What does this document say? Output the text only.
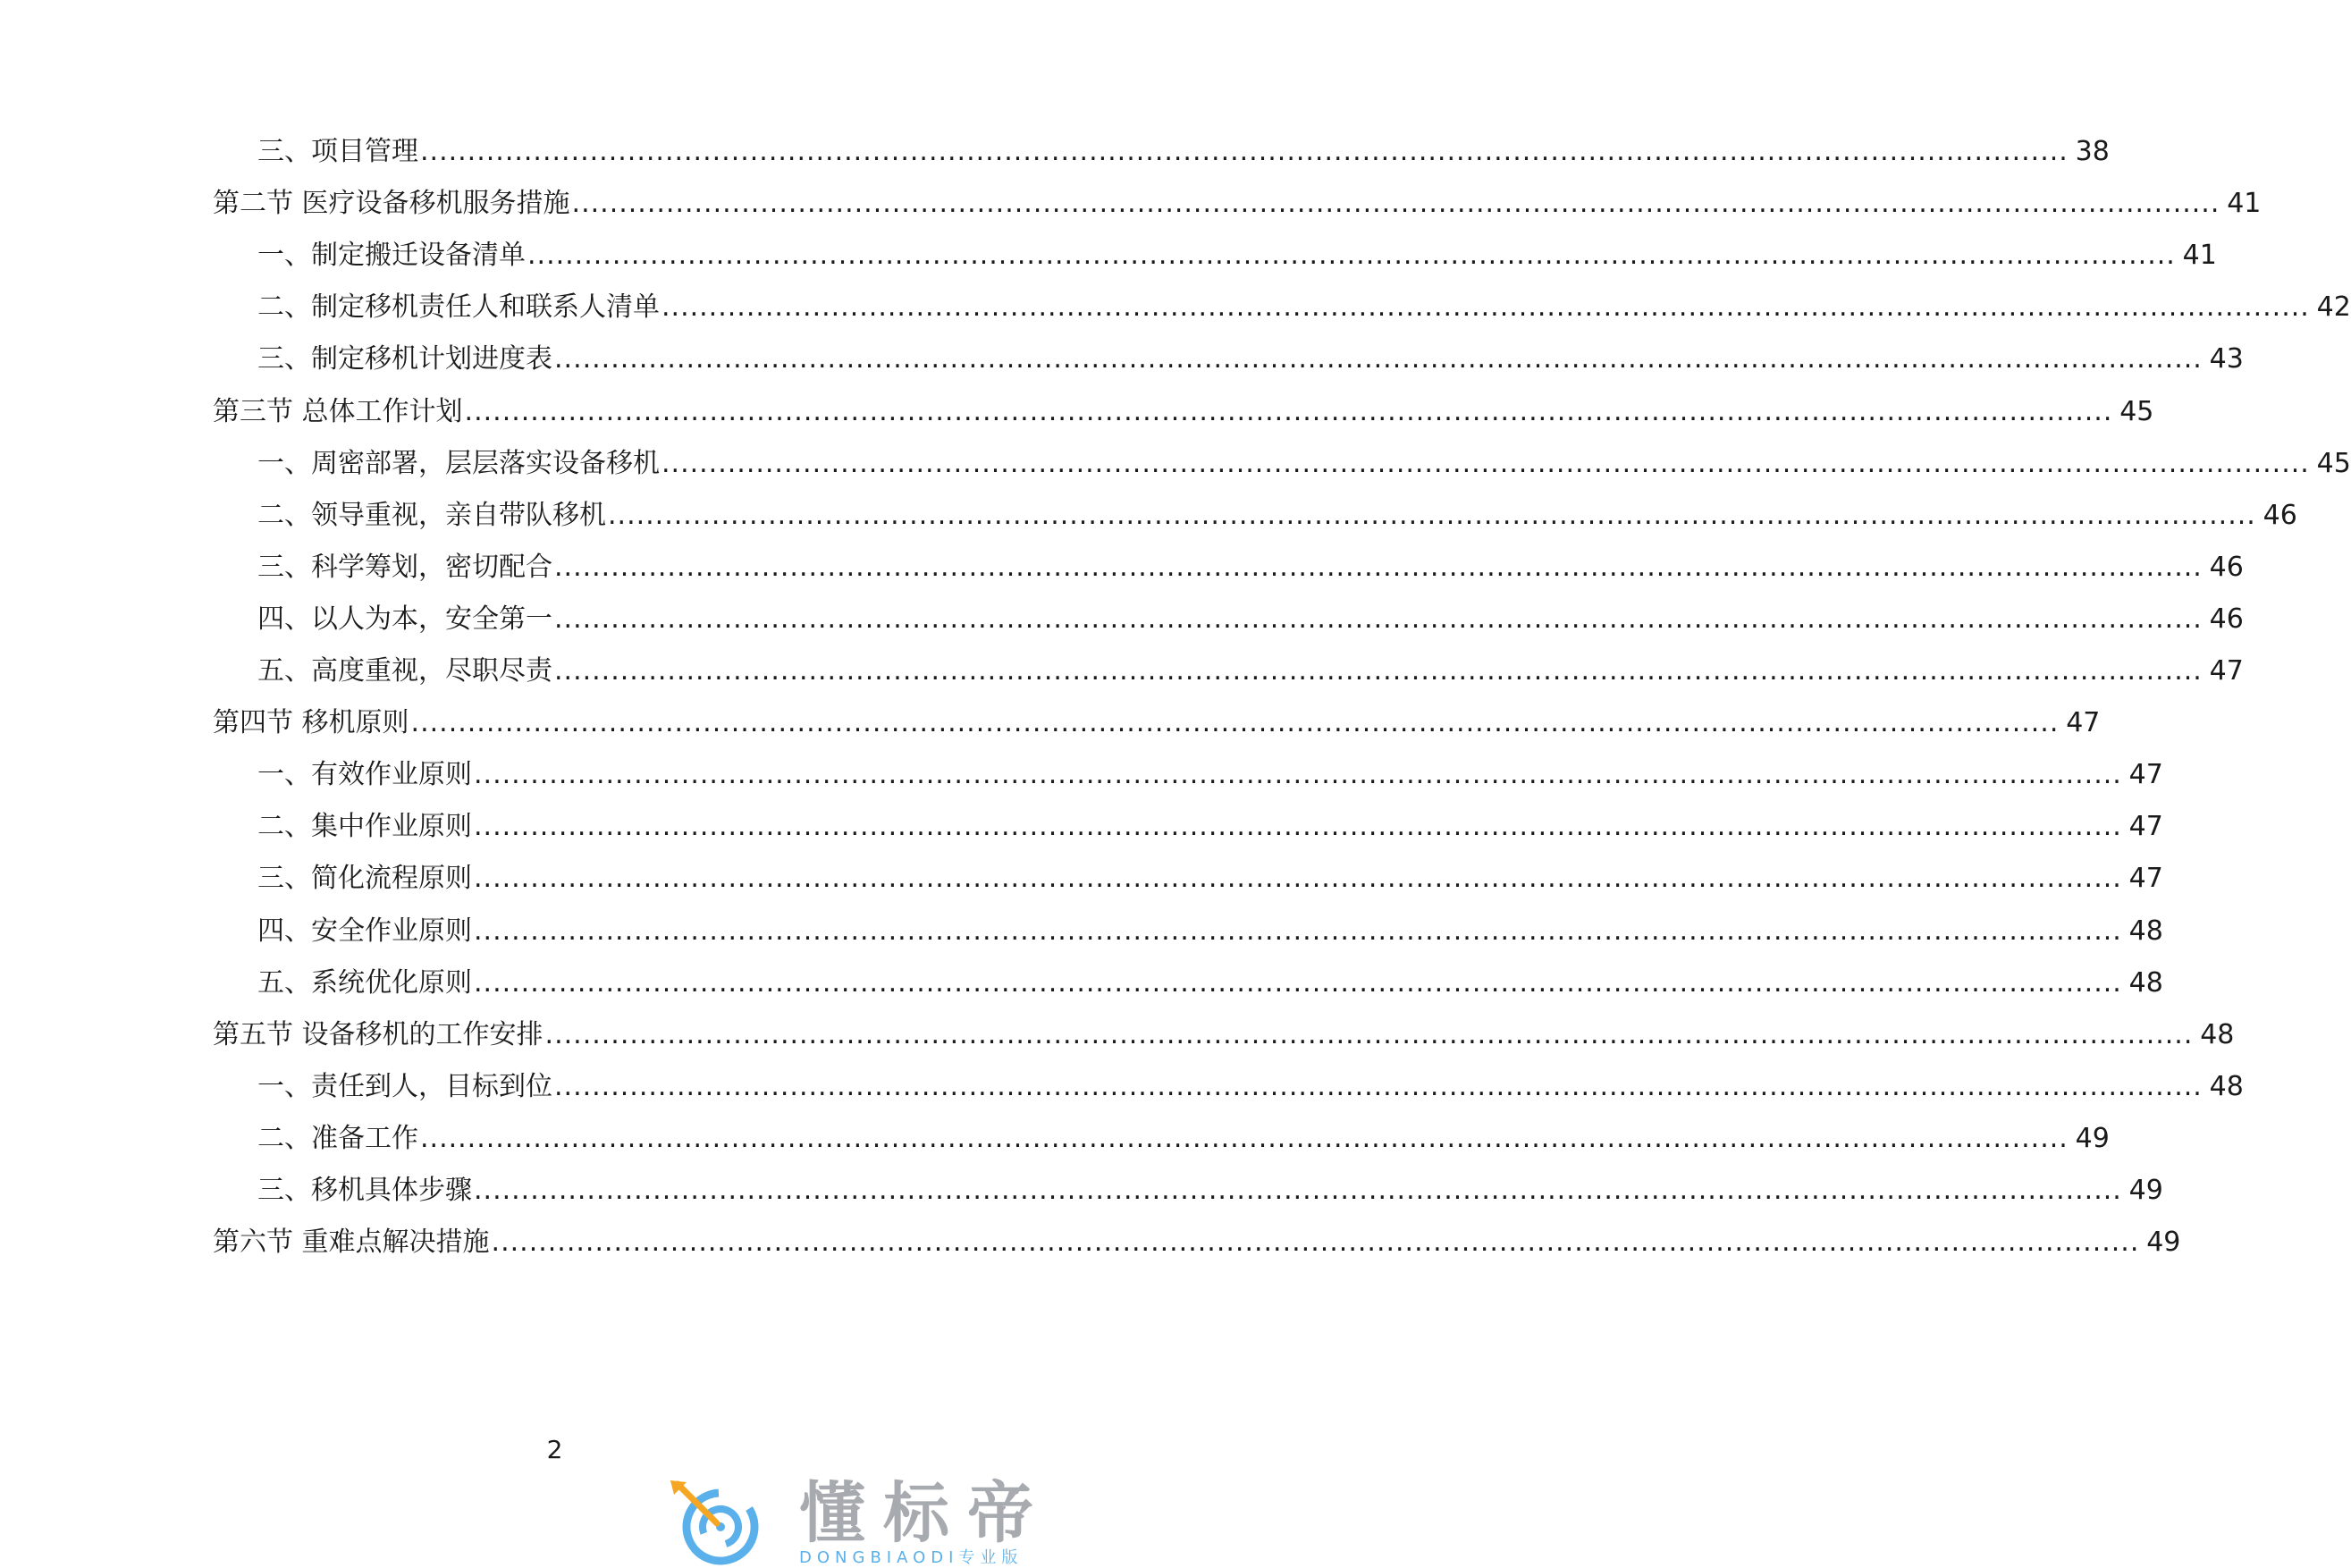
三、项目管理 .....	38
第二节 医疗设备移机服务措施 .....	41
一、制定搬迁设备清单 .....	41
二、制定移机责任人和联系人清单 .....	42
三、制定移机计划进度表 .....	43
第三节 总体工作计划 .....	45
一、周密部署，层层落实设备移机 .....	45
二、领导重视，亲自带队移机 .....	46
三、科学筹划，密切配合 .....	46
四、以人为本，安全第一 .....	46
五、高度重视，尽职尽责 .....	47
第四节 移机原则 .....	47
一、有效作业原则 .....	47
二、集中作业原则 .....	47
三、简化流程原则 .....	47
四、安全作业原则 .....	48
五、系统优化原则 .....	48
第五节 设备移机的工作安排 .....	48
一、责任到人，目标到位 .....	48
二、准备工作 .....	49
三、移机具体步骤 .....	49
第六节 重难点解决措施 .....	49
2
懂标帝
DONGBIAODI专业版
